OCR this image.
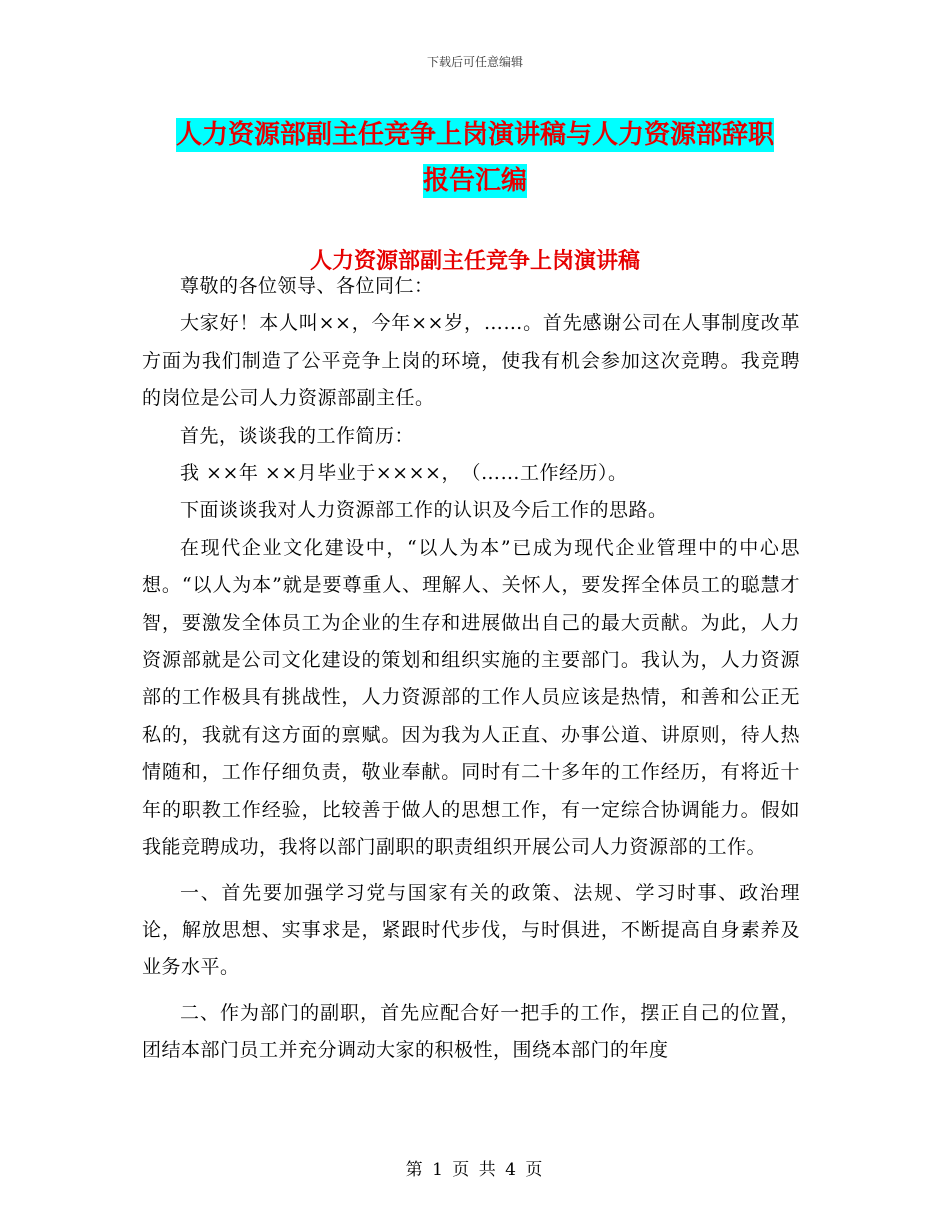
下载后可任意编辑
人力资源部副主任竞争上岗演讲稿与人力资源部辞职
报告汇编
人力资源部副主任竞争上岗演讲稿

尊敬的各位领导、各位同仁：

大家好！本人叫××，今年××岁，……。首先感谢公司在人事制度改革方面为我们制造了公平竞争上岗的环境，使我有机会参加这次竞聘。我竞聘的岗位是公司人力资源部副主任。

首先，谈谈我的工作简历：

我 ××年 ××月毕业于××××，　（……工作经历）。

下面谈谈我对人力资源部工作的认识及今后工作的思路。

在现代企业文化建设中，“以人为本”已成为现代企业管理中的中心思想。“以人为本”就是要尊重人、理解人、关怀人，要发挥全体员工的聪慧才智，要激发全体员工为企业的生存和进展做出自己的最大贡献。为此，人力资源部就是公司文化建设的策划和组织实施的主要部门。我认为，人力资源部的工作极具有挑战性，人力资源部的工作人员应该是热情，和善和公正无私的，我就有这方面的禀赋。因为我为人正直、办事公道、讲原则，待人热情随和，工作仔细负责，敬业奉献。同时有二十多年的工作经历，有将近十年的职教工作经验，比较善于做人的思想工作，有一定综合协调能力。假如我能竞聘成功，我将以部门副职的职责组织开展公司人力资源部的工作。

一、首先要加强学习党与国家有关的政策、法规、学习时事、政治理论，解放思想、实事求是，紧跟时代步伐，与时俱进，不断提高自身素养及业务水平。

二、作为部门的副职，首先应配合好一把手的工作，摆正自己的位置，团结本部门员工并充分调动大家的积极性，围绕本部门的年度

第 1 页 共 4 页
